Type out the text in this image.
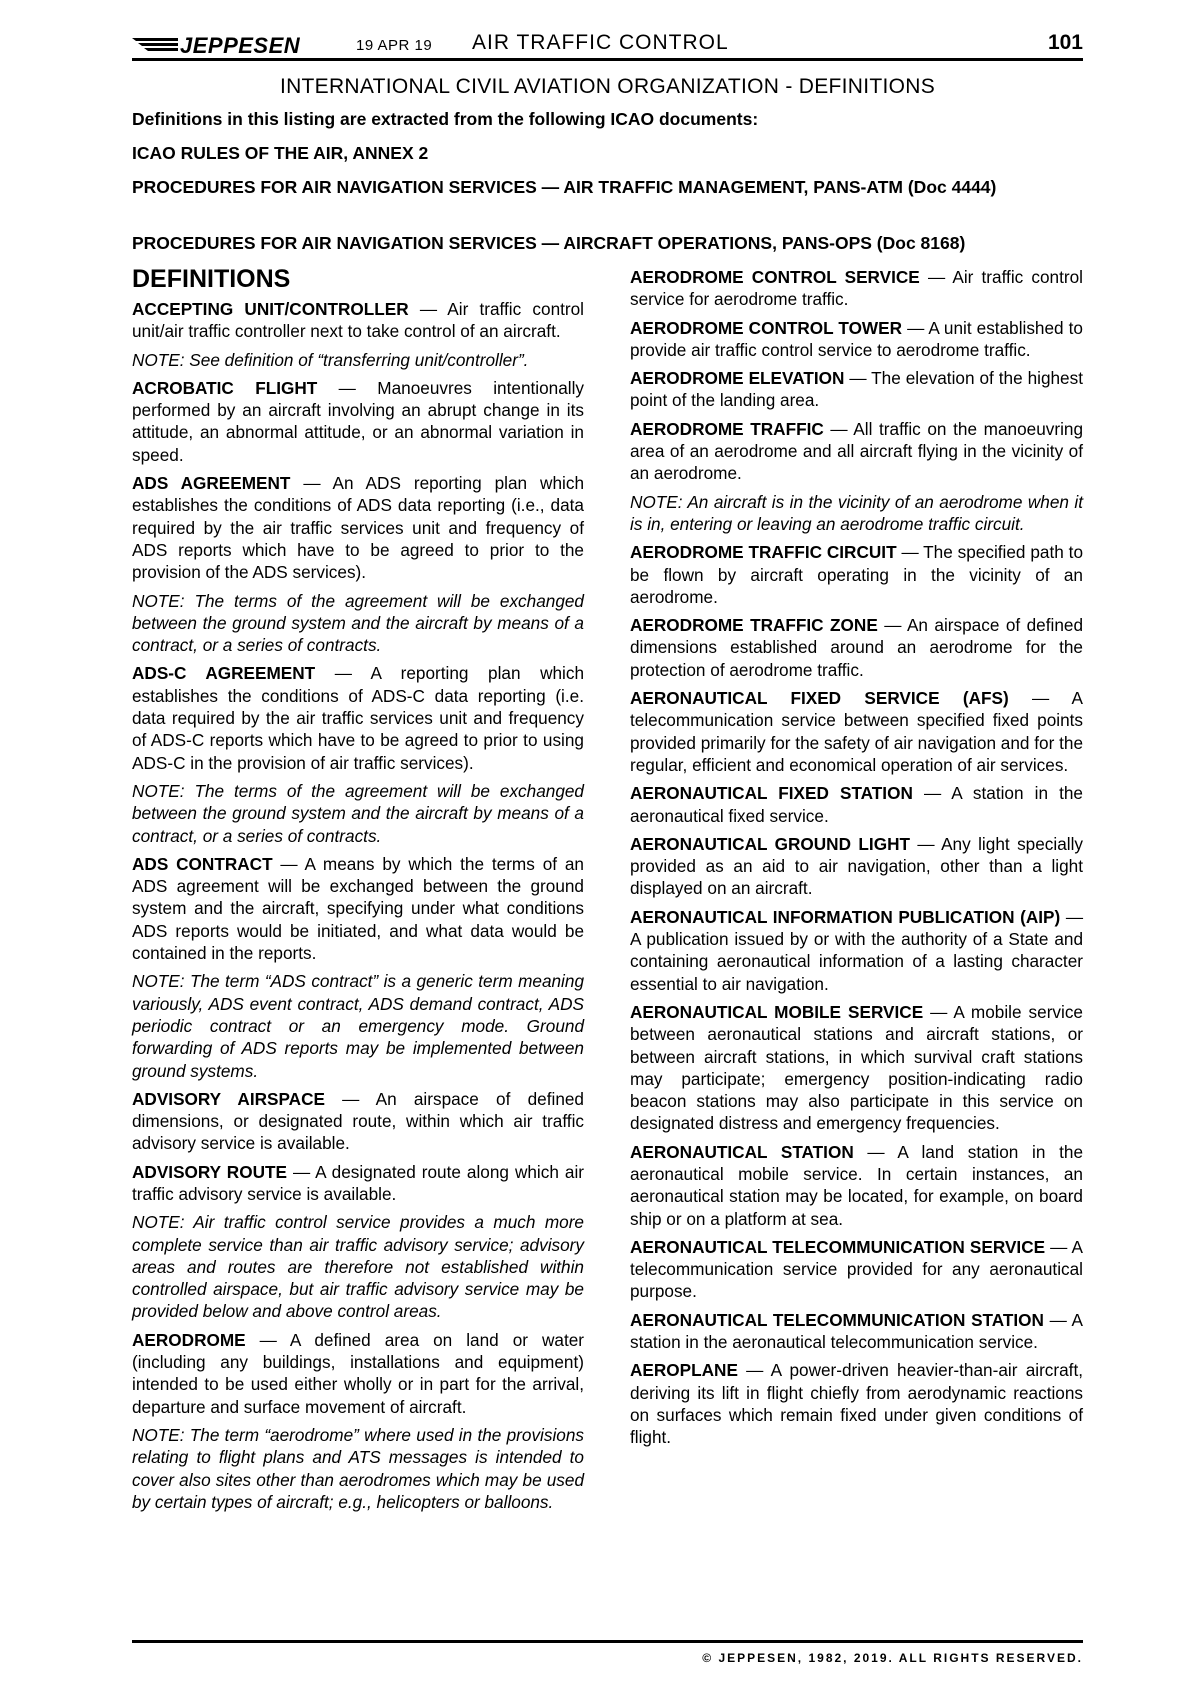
JEPPESEN	19 APR 19 AIR TRAFFIC CONTROL	101
INTERNATIONAL CIVIL AVIATION ORGANIZATION - DEFINITIONS
Definitions in this listing are extracted from the following ICAO documents:
ICAO RULES OF THE AIR, ANNEX 2
PROCEDURES FOR AIR NAVIGATION SERVICES — AIR TRAFFIC MANAGEMENT, PANS-ATM (Doc 4444)
PROCEDURES FOR AIR NAVIGATION SERVICES — AIRCRAFT OPERATIONS, PANS-OPS (Doc 8168)
DEFINITIONS

ACCEPTING UNIT/CONTROLLER — Air traffic control unit/air traffic controller next to take control of an aircraft.

NOTE: See definition of “transferring unit/controller”.

ACROBATIC FLIGHT — Manoeuvres intentionally performed by an aircraft involving an abrupt change in its attitude, an abnormal attitude, or an abnormal variation in speed.

ADS AGREEMENT — An ADS reporting plan which establishes the conditions of ADS data reporting (i.e., data required by the air traffic services unit and frequency of ADS reports which have to be agreed to prior to the provision of the ADS services).

NOTE: The terms of the agreement will be exchanged between the ground system and the aircraft by means of a contract, or a series of contracts.

ADS-C AGREEMENT — A reporting plan which establishes the conditions of ADS-C data reporting (i.e. data required by the air traffic services unit and frequency of ADS-C reports which have to be agreed to prior to using ADS-C in the provision of air traffic services).

NOTE: The terms of the agreement will be exchanged between the ground system and the aircraft by means of a contract, or a series of contracts.

ADS CONTRACT — A means by which the terms of an ADS agreement will be exchanged between the ground system and the aircraft, specifying under what conditions ADS reports would be initiated, and what data would be contained in the reports.

NOTE: The term “ADS contract” is a generic term meaning variously, ADS event contract, ADS demand contract, ADS periodic contract or an emergency mode. Ground forwarding of ADS reports may be implemented between ground systems.

ADVISORY AIRSPACE — An airspace of defined dimensions, or designated route, within which air traffic advisory service is available.

ADVISORY ROUTE — A designated route along which air traffic advisory service is available.

NOTE: Air traffic control service provides a much more complete service than air traffic advisory service; advisory areas and routes are therefore not established within controlled airspace, but air traffic advisory service may be provided below and above control areas.

AERODROME — A defined area on land or water (including any buildings, installations and equipment) intended to be used either wholly or in part for the arrival, departure and surface movement of aircraft.

NOTE: The term “aerodrome” where used in the provisions relating to flight plans and ATS messages is intended to cover also sites other than aerodromes which may be used by certain types of aircraft; e.g., helicopters or balloons.

AERODROME CONTROL SERVICE — Air traffic control service for aerodrome traffic.

AERODROME CONTROL TOWER — A unit established to provide air traffic control service to aerodrome traffic.

AERODROME ELEVATION — The elevation of the highest point of the landing area.

AERODROME TRAFFIC — All traffic on the manoeuvring area of an aerodrome and all aircraft flying in the vicinity of an aerodrome.

NOTE: An aircraft is in the vicinity of an aerodrome when it is in, entering or leaving an aerodrome traffic circuit.

AERODROME TRAFFIC CIRCUIT — The specified path to be flown by aircraft operating in the vicinity of an aerodrome.

AERODROME TRAFFIC ZONE — An airspace of defined dimensions established around an aerodrome for the protection of aerodrome traffic.

AERONAUTICAL FIXED SERVICE (AFS) — A telecommunication service between specified fixed points provided primarily for the safety of air navigation and for the regular, efficient and economical operation of air services.

AERONAUTICAL FIXED STATION — A station in the aeronautical fixed service.

AERONAUTICAL GROUND LIGHT — Any light specially provided as an aid to air navigation, other than a light displayed on an aircraft.

AERONAUTICAL INFORMATION PUBLICATION (AIP) — A publication issued by or with the authority of a State and containing aeronautical information of a lasting character essential to air navigation.

AERONAUTICAL MOBILE SERVICE — A mobile service between aeronautical stations and aircraft stations, or between aircraft stations, in which survival craft stations may participate; emergency position-indicating radio beacon stations may also participate in this service on designated distress and emergency frequencies.

AERONAUTICAL STATION — A land station in the aeronautical mobile service. In certain instances, an aeronautical station may be located, for example, on board ship or on a platform at sea.

AERONAUTICAL TELECOMMUNICATION SERVICE — A telecommunication service provided for any aeronautical purpose.

AERONAUTICAL TELECOMMUNICATION STATION — A station in the aeronautical telecommunication service.

AEROPLANE — A power-driven heavier-than-air aircraft, deriving its lift in flight chiefly from aerodynamic reactions on surfaces which remain fixed under given conditions of flight.

© JEPPESEN, 1982, 2019. ALL RIGHTS RESERVED.
